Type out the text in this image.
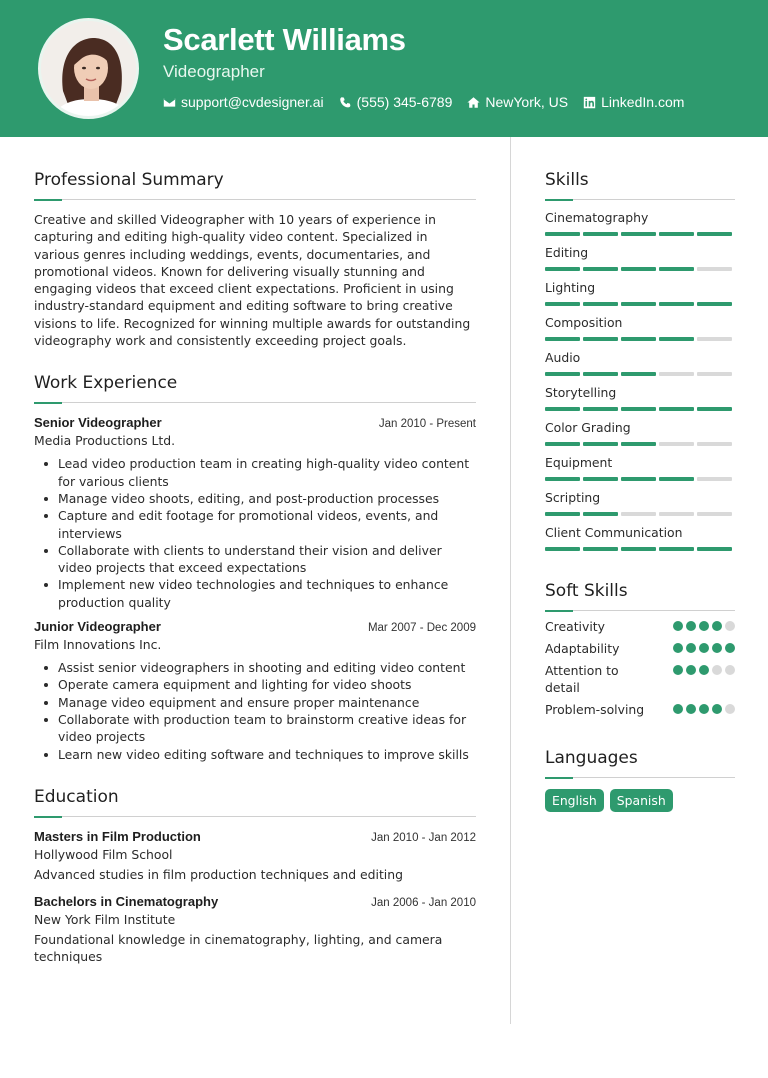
Scarlett Williams
Videographer
support@cvdesigner.ai (555) 345-6789 NewYork, US LinkedIn.com
Professional Summary

Creative and skilled Videographer with 10 years of experience in capturing and editing high-quality video content. Specialized in various genres including weddings, events, documentaries, and promotional videos. Known for delivering visually stunning and engaging videos that exceed client expectations. Proficient in using industry-standard equipment and editing software to bring creative visions to life. Recognized for winning multiple awards for outstanding videography work and consistently exceeding project goals.

Work Experience
Senior Videographer	Jan 2010 - Present
Media Productions Ltd.
Lead video production team in creating high-quality video content for various clients
Manage video shoots, editing, and post-production processes
Capture and edit footage for promotional videos, events, and interviews
Collaborate with clients to understand their vision and deliver video projects that exceed expectations
Implement new video technologies and techniques to enhance production quality
Junior Videographer	Mar 2007 - Dec 2009
Film Innovations Inc.
Assist senior videographers in shooting and editing video content
Operate camera equipment and lighting for video shoots
Manage video equipment and ensure proper maintenance
Collaborate with production team to brainstorm creative ideas for video projects
Learn new video editing software and techniques to improve skills
Education
Masters in Film Production	Jan 2010 - Jan 2012
Hollywood Film School

Advanced studies in film production techniques and editing

Bachelors in Cinematography	Jan 2006 - Jan 2010
New York Film Institute

Foundational knowledge in cinematography, lighting, and camera techniques

Skills
Cinematography
Editing
Lighting
Composition
Audio
Storytelling
Color Grading
Equipment
Scripting
Client Communication
Soft Skills
Creativity
Adaptability
Attention to detail
Problem-solving
Languages
English	Spanish
